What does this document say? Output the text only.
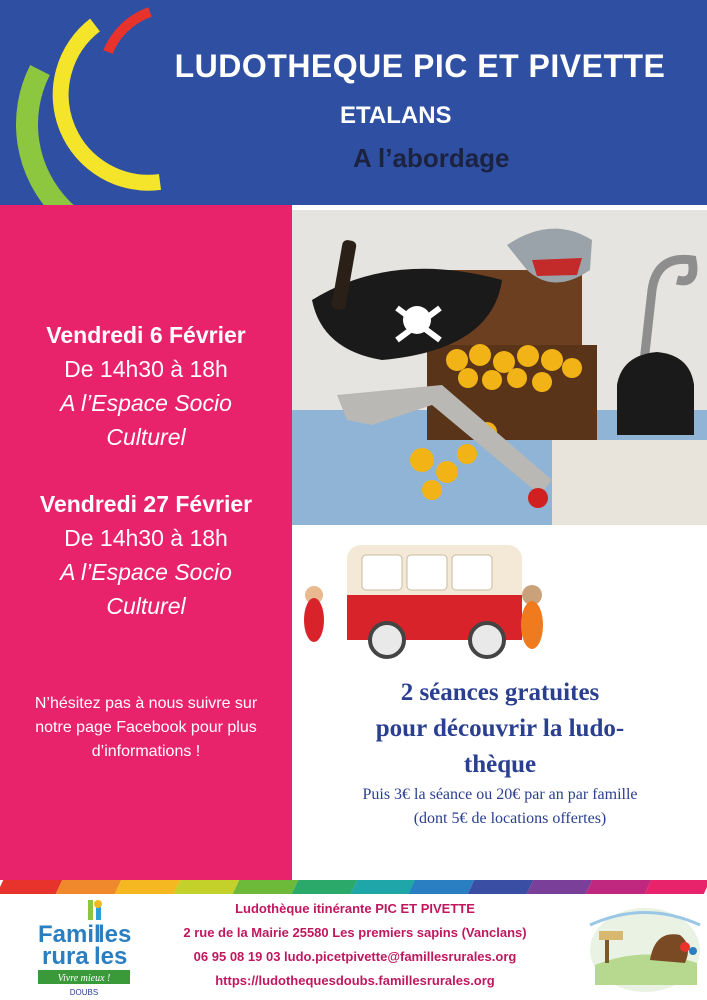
LUDOTHEQUE PIC ET PIVETTE
ETALANS
A l’abordage
Vendredi 6 Février
De 14h30 à 18h
A l’Espace Socio
Culturel
Vendredi 27 Février
De 14h30 à 18h
A l’Espace Socio
Culturel
N’hésitez pas à nous suivre sur
notre page Facebook pour plus
d’informations !
2 séances gratuites
pour découvrir la ludo-
thèque
Puis 3€ la séance ou 20€ par an par famille
(dont 5€ de locations offertes)
Famil
les
rura les
Vivre mieux !
DOUBS
Ludothèque itinérante PIC ET PIVETTE
2 rue de la Mairie 25580 Les premiers sapins (Vanclans)
06 95 08 19 03 ludo.picetpivette@famillesrurales.org
https://ludothequesdoubs.famillesrurales.org
